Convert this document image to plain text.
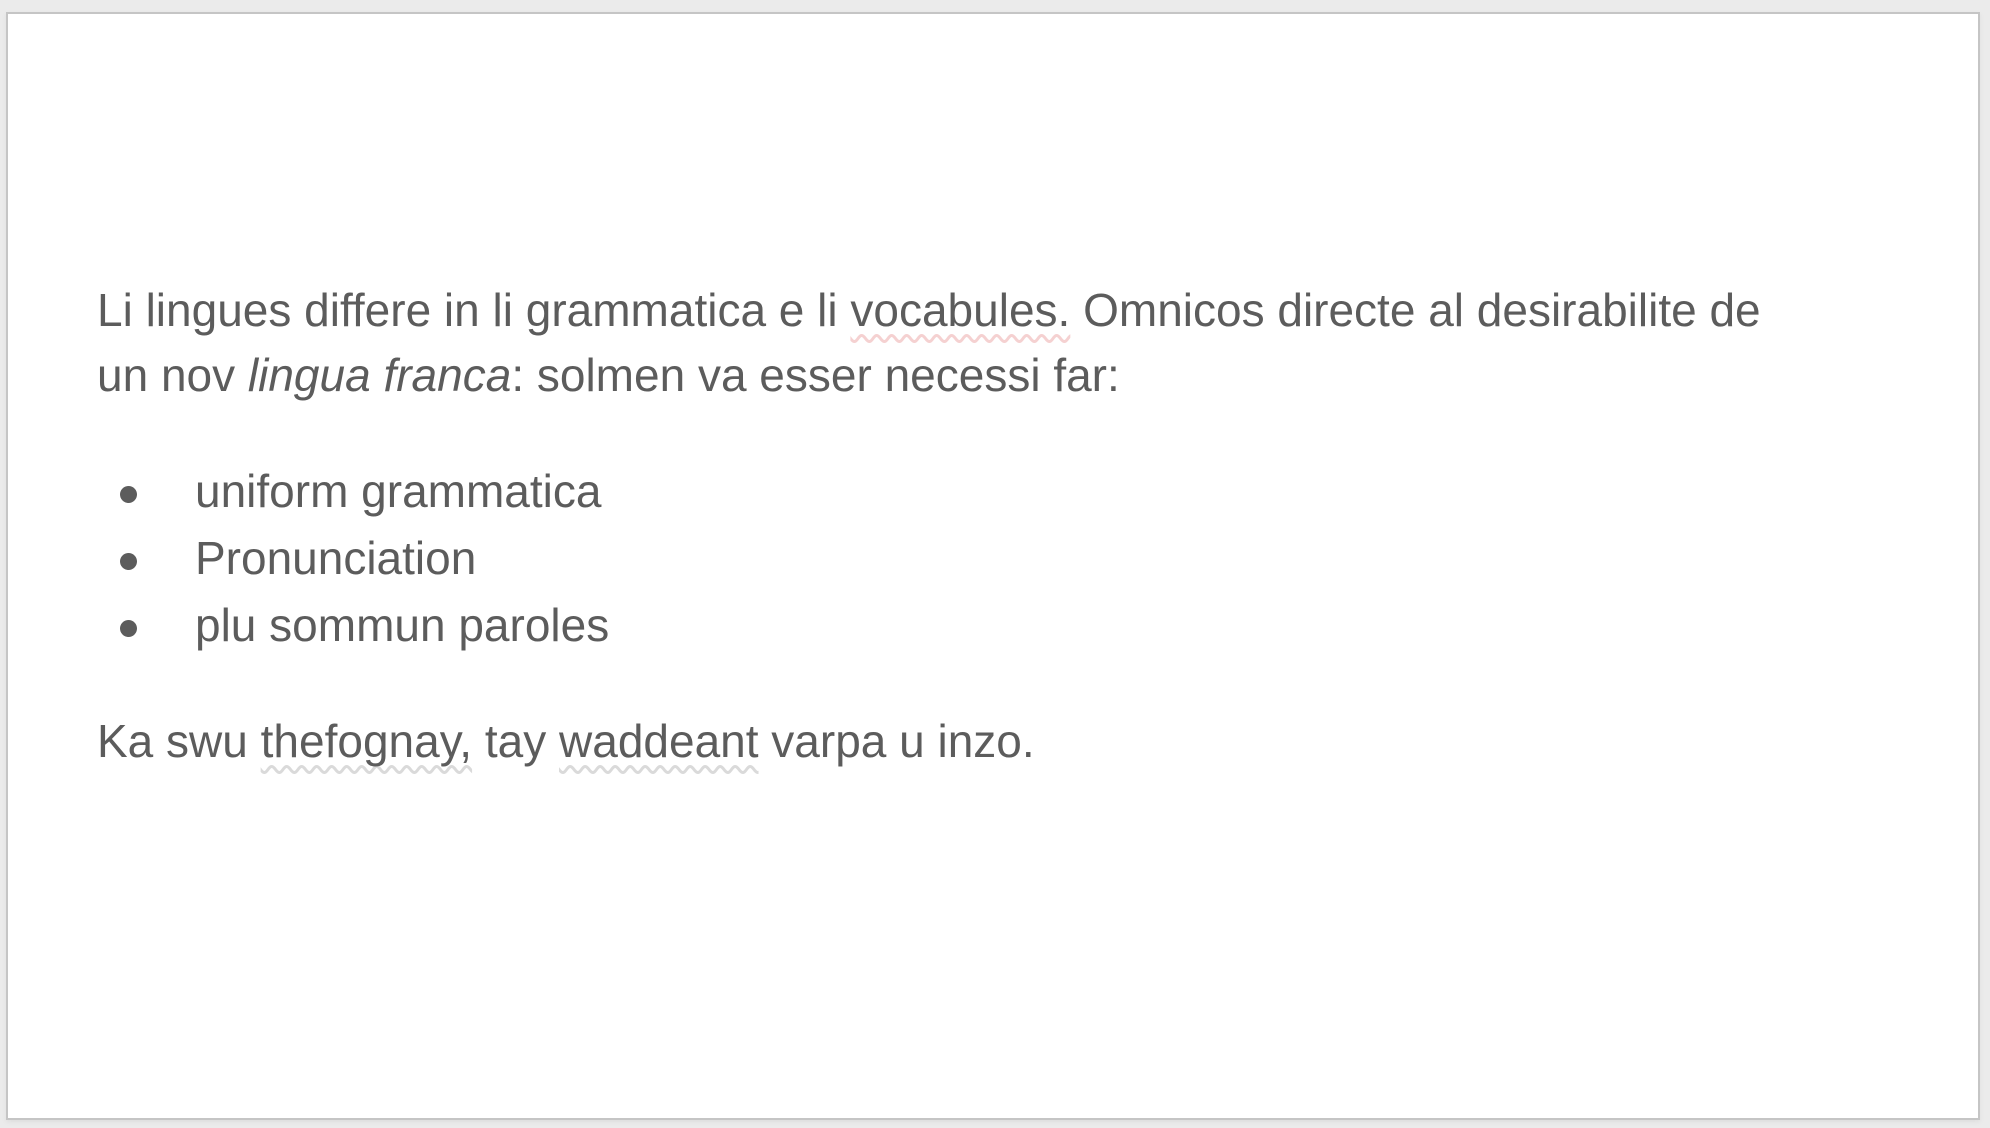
Li lingues differe in li grammatica e li vocabules. Omnicos directe al desirabilite de
un nov lingua franca: solmen va esser necessi far:

uniform grammatica
Pronunciation
plu sommun paroles

Ka swu thefognay, tay waddeant varpa u inzo.
